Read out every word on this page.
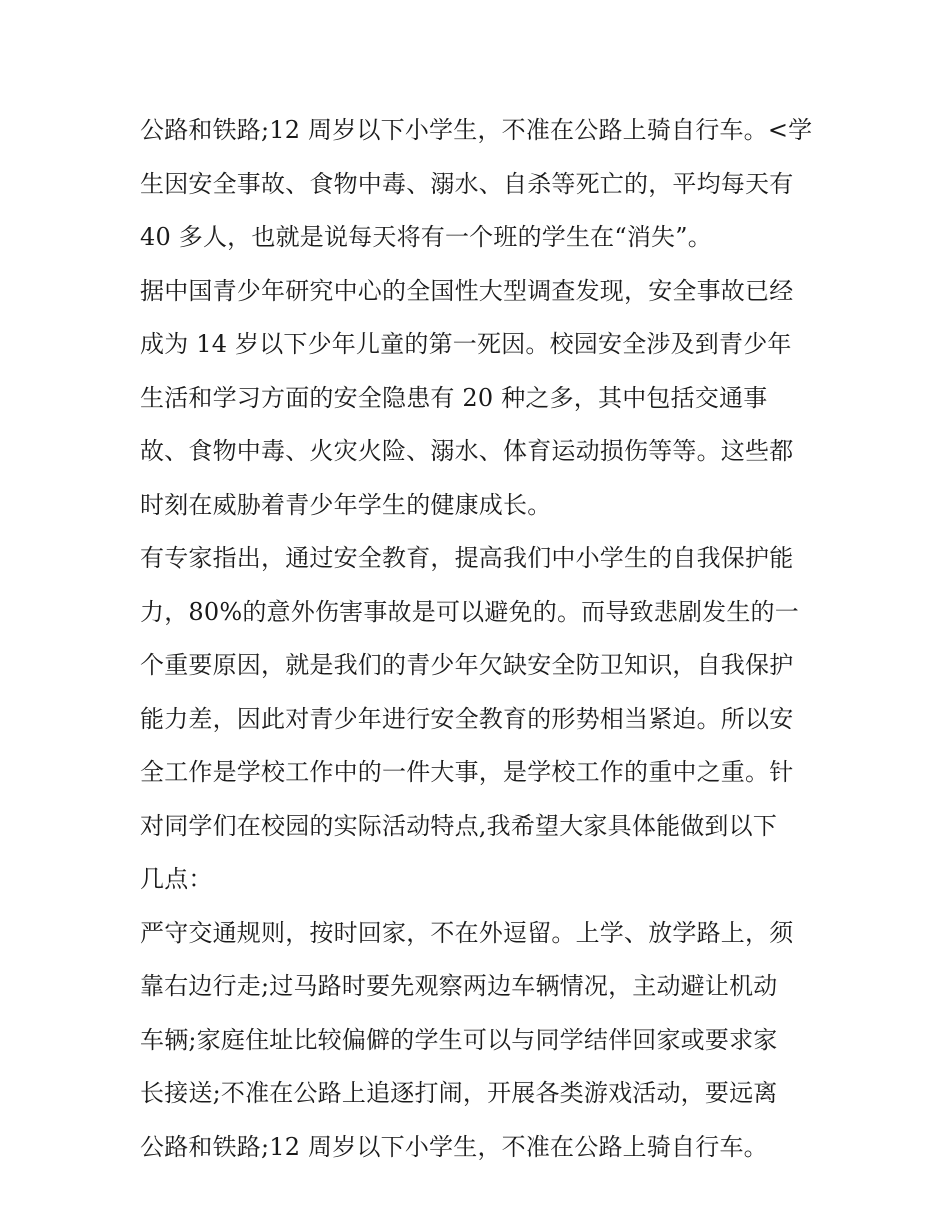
公路和铁路;12 周岁以下小学生，不准在公路上骑自行车。<学
生因安全事故、食物中毒、溺水、自杀等死亡的，平均每天有
40 多人，也就是说每天将有一个班的学生在“消失”。
据中国青少年研究中心的全国性大型调查发现，安全事故已经
成为 14 岁以下少年儿童的第一死因。校园安全涉及到青少年
生活和学习方面的安全隐患有 20 种之多，其中包括交通事
故、食物中毒、火灾火险、溺水、体育运动损伤等等。这些都
时刻在威胁着青少年学生的健康成长。
有专家指出，通过安全教育，提高我们中小学生的自我保护能
力，80%的意外伤害事故是可以避免的。而导致悲剧发生的一
个重要原因，就是我们的青少年欠缺安全防卫知识，自我保护
能力差，因此对青少年进行安全教育的形势相当紧迫。所以安
全工作是学校工作中的一件大事，是学校工作的重中之重。针
对同学们在校园的实际活动特点,我希望大家具体能做到以下
几点：
严守交通规则，按时回家，不在外逗留。上学、放学路上，须
靠右边行走;过马路时要先观察两边车辆情况，主动避让机动
车辆;家庭住址比较偏僻的学生可以与同学结伴回家或要求家
长接送;不准在公路上追逐打闹，开展各类游戏活动，要远离
公路和铁路;12 周岁以下小学生，不准在公路上骑自行车。
